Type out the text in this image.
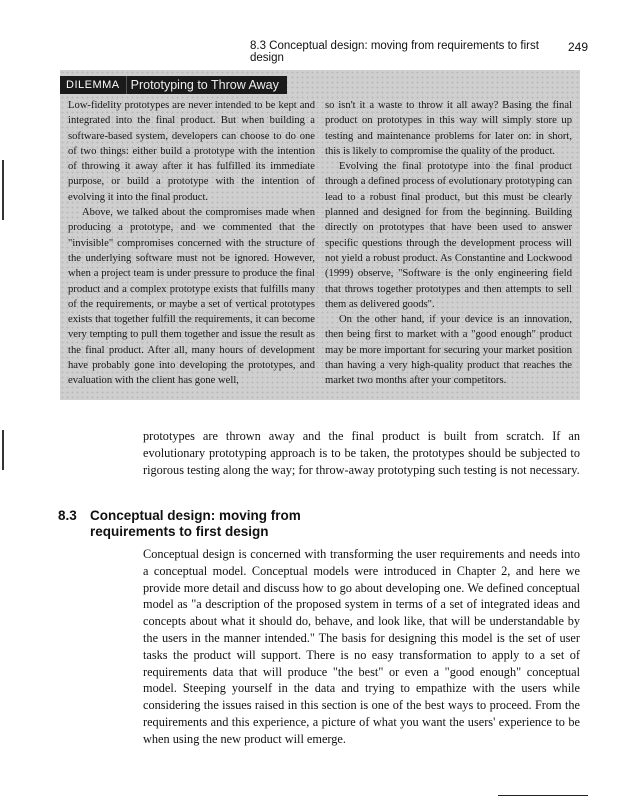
8.3 Conceptual design: moving from requirements to first design
249
DILEMMA Prototyping to Throw Away

Low-fidelity prototypes are never intended to be kept and integrated into the final product. But when building a software-based system, developers can choose to do one of two things: either build a prototype with the intention of throwing it away after it has fulfilled its immediate purpose, or build a prototype with the intention of evolving it into the final product.

Above, we talked about the compromises made when producing a prototype, and we commented that the "invisible" compromises concerned with the structure of the underlying software must not be ignored. However, when a project team is under pressure to produce the final product and a complex prototype exists that fulfills many of the requirements, or maybe a set of vertical prototypes exists that together fulfill the requirements, it can become very tempting to pull them together and issue the result as the final product. After all, many hours of development have probably gone into developing the prototypes, and evaluation with the client has gone well,

so isn't it a waste to throw it all away? Basing the final product on prototypes in this way will simply store up testing and maintenance problems for later on: in short, this is likely to compromise the quality of the product.

Evolving the final prototype into the final product through a defined process of evolutionary prototyping can lead to a robust final product, but this must be clearly planned and designed for from the beginning. Building directly on prototypes that have been used to answer specific questions through the development process will not yield a robust product. As Constantine and Lockwood (1999) observe, "Software is the only engineering field that throws together prototypes and then attempts to sell them as delivered goods".

On the other hand, if your device is an innovation, then being first to market with a "good enough" product may be more important for securing your market position than having a very high-quality product that reaches the market two months after your competitors.

prototypes are thrown away and the final product is built from scratch. If an evolutionary prototyping approach is to be taken, the prototypes should be subjected to rigorous testing along the way; for throw-away prototyping such testing is not necessary.

8.3 Conceptual design: moving from requirements to first design

Conceptual design is concerned with transforming the user requirements and needs into a conceptual model. Conceptual models were introduced in Chapter 2, and here we provide more detail and discuss how to go about developing one. We defined conceptual model as "a description of the proposed system in terms of a set of integrated ideas and concepts about what it should do, behave, and look like, that will be understandable by the users in the manner intended." The basis for designing this model is the set of user tasks the product will support. There is no easy transformation to apply to a set of requirements data that will produce "the best" or even a "good enough" conceptual model. Steeping yourself in the data and trying to empathize with the users while considering the issues raised in this section is one of the best ways to proceed. From the requirements and this experience, a picture of what you want the users' experience to be when using the new product will emerge.
